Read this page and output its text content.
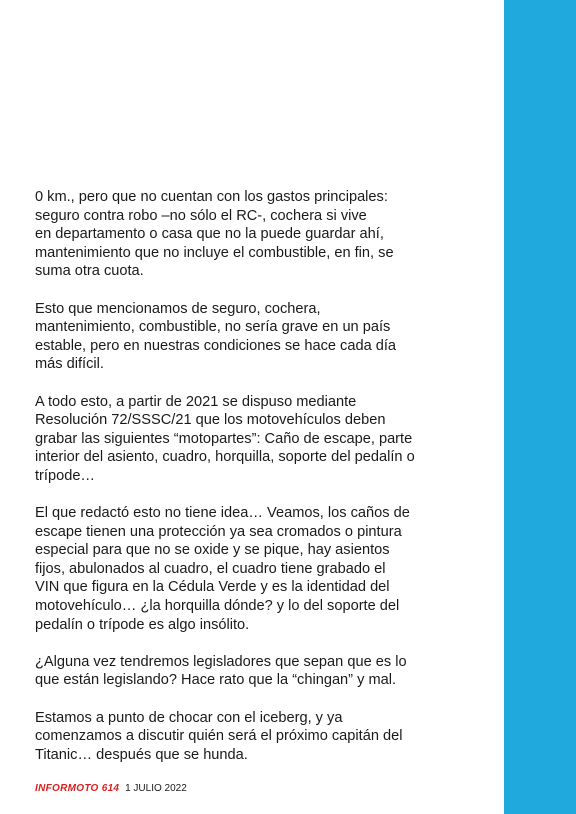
0 km., pero que no cuentan con los gastos principales:
seguro contra robo –no sólo el RC-, cochera si vive
en departamento o casa que no la puede guardar ahí,
mantenimiento que no incluye el combustible, en fin, se
suma otra cuota.

Esto que mencionamos de seguro, cochera,
mantenimiento, combustible, no sería grave en un país
estable, pero en nuestras condiciones se hace cada día
más difícil.

A todo esto, a partir de 2021 se dispuso mediante
Resolución 72/SSSC/21 que los motovehículos deben
grabar las siguientes “motopartes”: Caño de escape, parte
interior del asiento, cuadro, horquilla, soporte del pedalín o
trípode…

El que redactó esto no tiene idea… Veamos, los caños de
escape tienen una protección ya sea cromados o pintura
especial para que no se oxide y se pique, hay asientos
fijos, abulonados al cuadro, el cuadro tiene grabado el
VIN que figura en la Cédula Verde y es la identidad del
motovehículo… ¿la horquilla dónde? y lo del soporte del
pedalín o trípode es algo insólito.

¿Alguna vez tendremos legisladores que sepan que es lo
que están legislando? Hace rato que la “chingan” y mal.

Estamos a punto de chocar con el iceberg, y ya
comenzamos a discutir quién será el próximo capitán del
Titanic… después que se hunda.

INFORMOTO 614 1 JULIO 2022
